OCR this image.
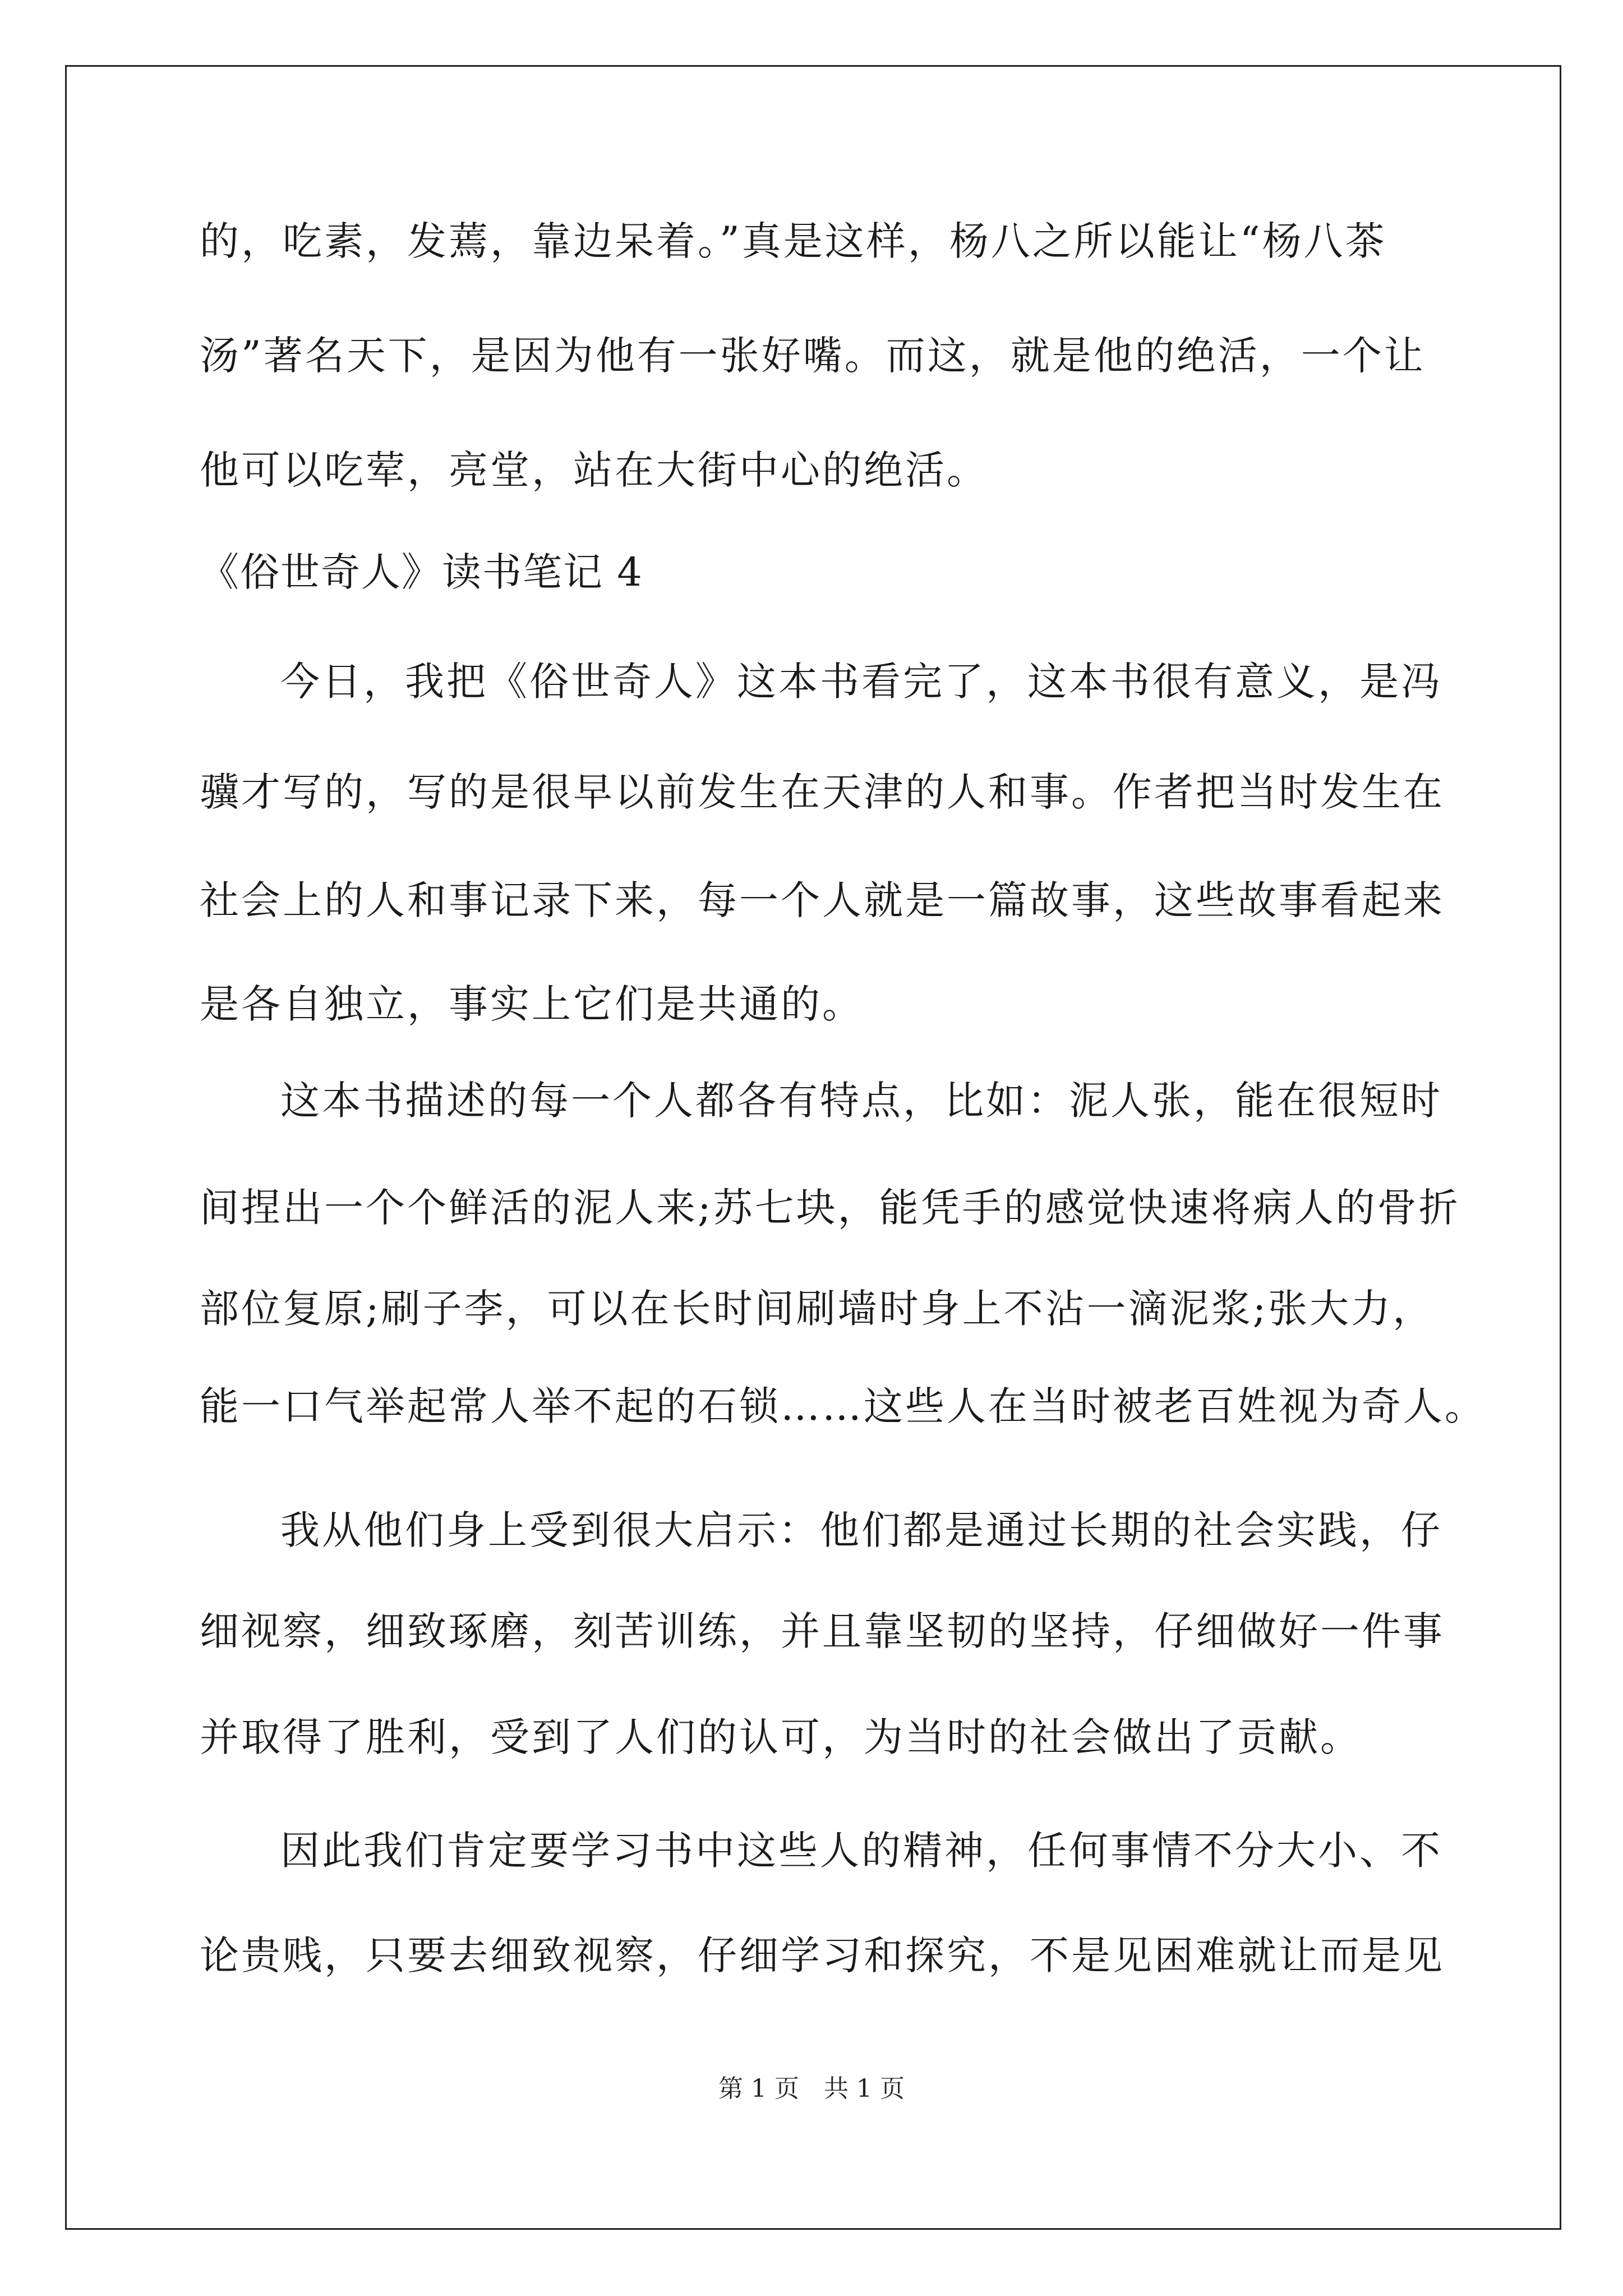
的，吃素，发蔫，靠边呆着。”真是这样，杨八之所以能让“杨八茶
汤”著名天下，是因为他有一张好嘴。而这，就是他的绝活，一个让
他可以吃荤，亮堂，站在大街中心的绝活。
《俗世奇人》读书笔记 4
今日，我把《俗世奇人》这本书看完了，这本书很有意义，是冯
骥才写的，写的是很早以前发生在天津的人和事。作者把当时发生在
社会上的人和事记录下来，每一个人就是一篇故事，这些故事看起来
是各自独立，事实上它们是共通的。
这本书描述的每一个人都各有特点，比如：泥人张，能在很短时
间捏出一个个鲜活的泥人来;苏七块，能凭手的感觉快速将病人的骨折
部位复原;刷子李，可以在长时间刷墙时身上不沾一滴泥浆;张大力，
能一口气举起常人举不起的石锁……这些人在当时被老百姓视为奇人。
我从他们身上受到很大启示：他们都是通过长期的社会实践，仔
细视察，细致琢磨，刻苦训练，并且靠坚韧的坚持，仔细做好一件事
并取得了胜利，受到了人们的认可，为当时的社会做出了贡献。
因此我们肯定要学习书中这些人的精神，任何事情不分大小、不
论贵贱，只要去细致视察，仔细学习和探究，不是见困难就让而是见
第 1 页　共 1 页
